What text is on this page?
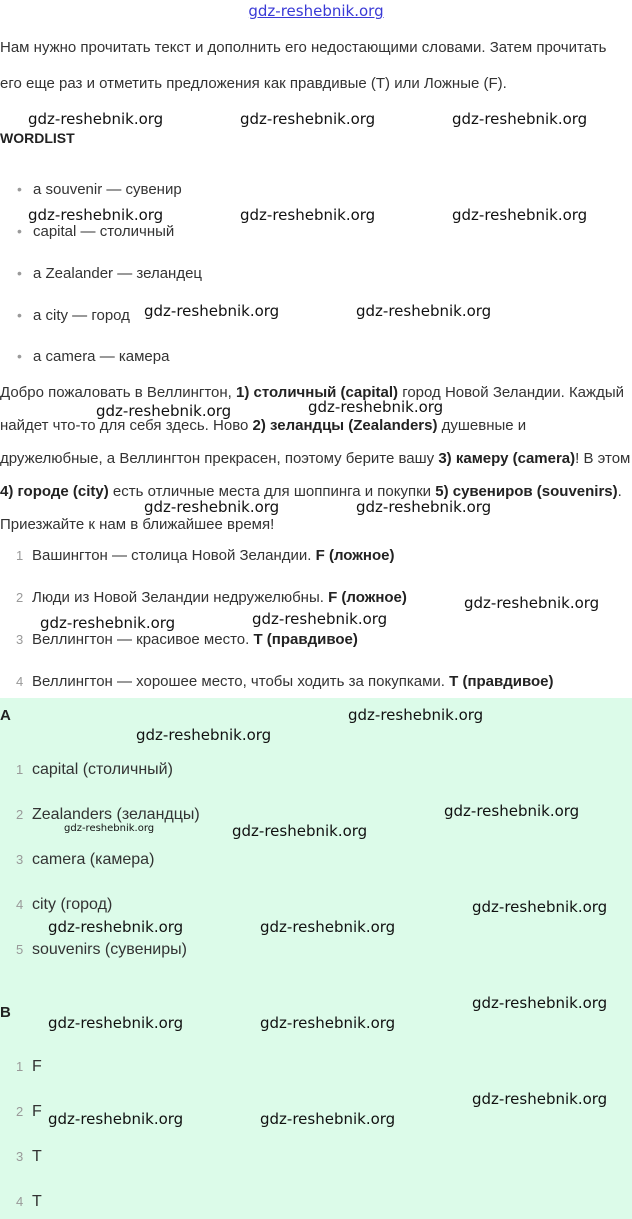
gdz-reshebnik.org
Нам нужно прочитать текст и дополнить его недостающими словами. Затем прочитать его еще раз и отметить предложения как правдивые (T) или Ложные (F).
WORDLIST
• a souvenir — сувенир
• capital — столичный
• a Zealander — зеландец
• a city — город
• a camera — камера
Добро пожаловать в Веллингтон, 1) столичный (capital) город Новой Зеландии. Каждый найдет что-то для себя здесь. Ново 2) зеландцы (Zealanders) душевные и дружелюбные, а Веллингтон прекрасен, поэтому берите вашу 3) камеру (camera)! В этом 4) городе (city) есть отличные места для шоппинга и покупки 5) сувениров (souvenirs). Приезжайте к нам в ближайшее время!
1 Вашингтон — столица Новой Зеландии. F (ложное)
2 Люди из Новой Зеландии недружелюбны. F (ложное)
3 Веллингтон — красивое место. T (правдивое)
4 Веллингтон — хорошее место, чтобы ходить за покупками. T (правдивое)
A
1 capital (столичный)
2 Zealanders (зеландцы)
3 camera (камера)
4 city (город)
5 souvenirs (сувениры)
B
1 F
2 F
3 T
4 T
gdz-reshebnik.org	gdz-reshebnik.org	gdz-reshebnik.org
gdz-reshebnik.org	gdz-reshebnik.org	gdz-reshebnik.org
gdz-reshebnik.org	gdz-reshebnik.org
gdz-reshebnik.org
gdz-reshebnik.org
gdz-reshebnik.org	gdz-reshebnik.org
gdz-reshebnik.org
gdz-reshebnik.org
gdz-reshebnik.org
gdz-reshebnik.org
gdz-reshebnik.org
gdz-reshebnik.org
gdz-reshebnik.org	gdz-reshebnik.org
gdz-reshebnik.org
gdz-reshebnik.org	gdz-reshebnik.org
gdz-reshebnik.org
gdz-reshebnik.org	gdz-reshebnik.org
gdz-reshebnik.org
gdz-reshebnik.org	gdz-reshebnik.org
